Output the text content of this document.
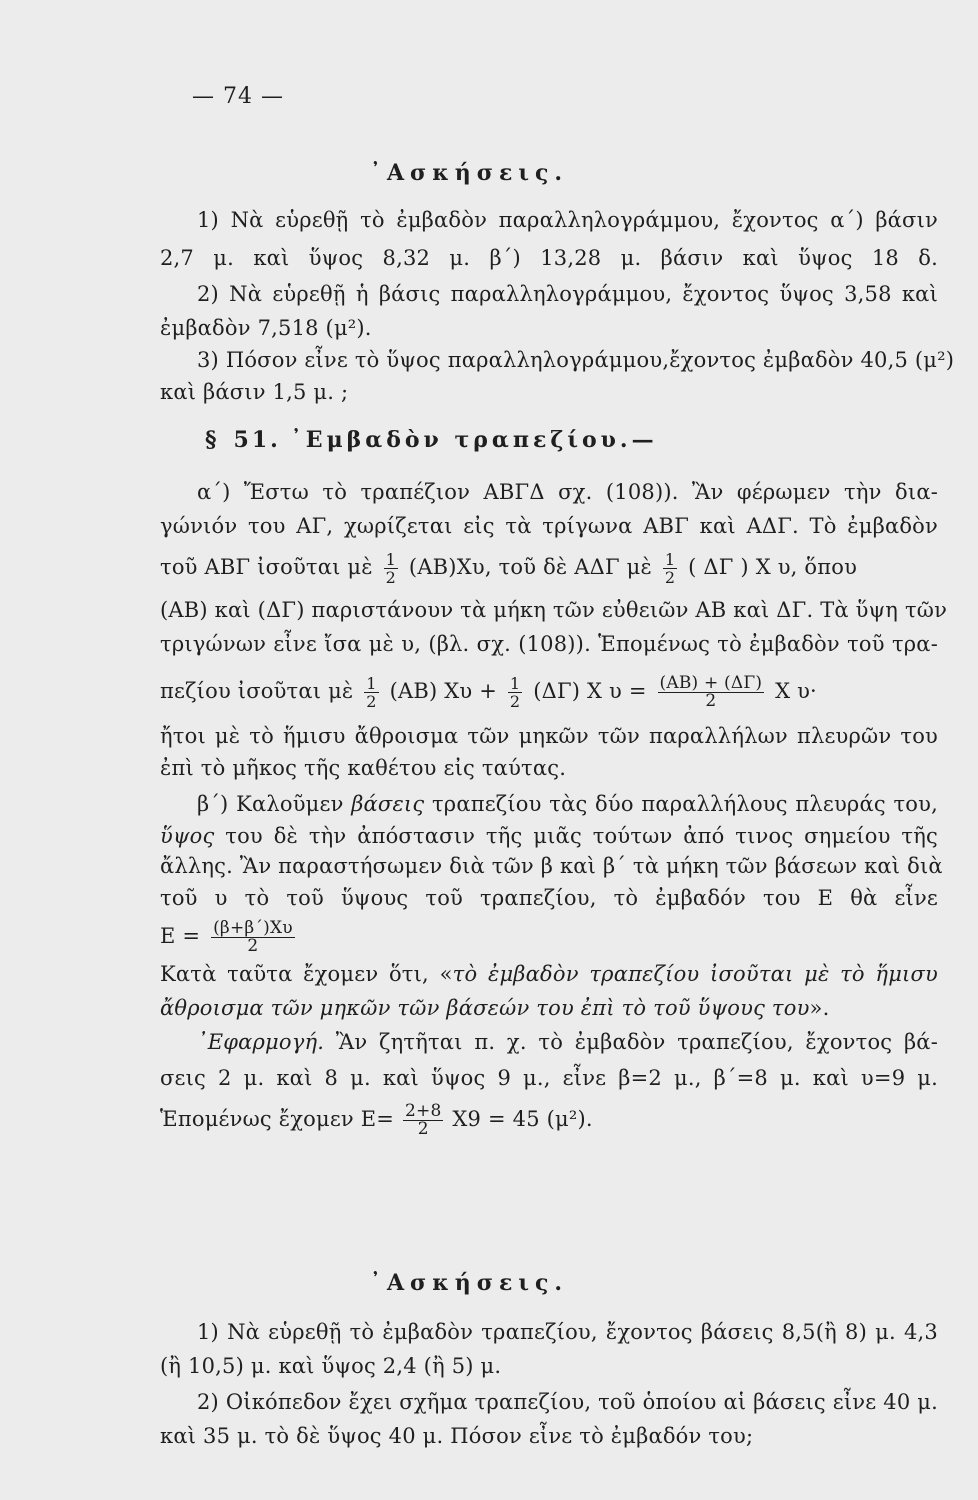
— 74 —
᾿Ασκήσεις.
1) Νὰ εὑρεθῇ τὸ ἐμβαδὸν παραλληλογράμμου, ἔχοντος α΄) βάσιν
2,7 μ. καὶ ὕψος 8,32 μ. β΄) 13,28 μ. βάσιν καὶ ὕψος 18 δ.
2) Νὰ εὑρεθῇ ἡ βάσις παραλληλογράμμου, ἔχοντος ὕψος 3,58 καὶ
ἐμβαδὸν 7,518 (μ²).
3) Πόσον εἶνε τὸ ὕψος παραλληλογράμμου,ἔχοντος ἐμβαδὸν 40,5 (μ²)
καὶ βάσιν 1,5 μ. ;
§ 51. ᾿Εμβαδὸν τραπεζίου.—
α΄) Ἔστω τὸ τραπέζιον ΑΒΓΔ σχ. (108)). Ἂν φέρωμεν τὴν δια-
γώνιόν του ΑΓ, χωρίζεται εἰς τὰ τρίγωνα ΑΒΓ καὶ ΑΔΓ. Τὸ ἐμβαδὸν
τοῦ ΑΒΓ ἰσοῦται μὲ $\frac{1}{2} (AB)X\upsilon$, τοῦ δὲ ΑΔΓ μὲ $\frac{1}{2}$ ( ΔΓ ) Χ υ, ὅπου
(ΑΒ) καὶ (ΔΓ) παριστάνουν τὰ μήκη τῶν εὐθειῶν ΑΒ καὶ ΔΓ. Τὰ ὕψη τῶν
τριγώνων εἶνε ἴσα μὲ υ, (βλ. σχ. (108)). Ἑπομένως τὸ ἐμβαδὸν τοῦ τρα-
πεζίου ἰσοῦται μὲ $\frac{1}{2} (AB) X\upsilon + \frac{1}{2} (\Delta\Gamma)$ Χ $\upsilon = \frac{(AB) + (\Delta\Gamma)}{2}$ Χ υ·
ἤτοι μὲ τὸ ἥμισυ ἄθροισμα τῶν μηκῶν τῶν παραλλήλων πλευρῶν του
ἐπὶ τὸ μῆκος τῆς καθέτου εἰς ταύτας.
β΄) Καλοῦμεν βάσεις τραπεζίου τὰς δύο παραλλήλους πλευράς του,
ὕψος του δὲ τὴν ἀπόστασιν τῆς μιᾶς τούτων ἀπό τινος σημείου τῆς
ἄλλης. Ἂν παραστήσωμεν διὰ τῶν β καὶ β΄ τὰ μήκη τῶν βάσεων καὶ διὰ
τοῦ υ τὸ τοῦ ὕψους τοῦ τραπεζίου, τὸ ἐμβαδόν του Ε θὰ εἶνε
$E = \frac{(\beta+\beta΄)X\upsilon}{2}$
Κατὰ ταῦτα ἔχομεν ὅτι, «τὸ ἐμβαδὸν τραπεζίου ἰσοῦται μὲ τὸ ἥμισυ
ἄθροισμα τῶν μηκῶν τῶν βάσεών του ἐπὶ τὸ τοῦ ὕψους του».
᾿Εφαρμογή. Ἂν ζητῆται π. χ. τὸ ἐμβαδὸν τραπεζίου, ἔχοντος βά-
σεις 2 μ. καὶ 8 μ. καὶ ὕψος 9 μ., εἶνε β=2 μ., β΄=8 μ. καὶ υ=9 μ.
Ἑπομένως ἔχομεν $E= \frac{2+8}{2} X9 = 45$ (μ²).
᾿Ασκήσεις.
1) Νὰ εὑρεθῇ τὸ ἐμβαδὸν τραπεζίου, ἔχοντος βάσεις 8,5(ἢ 8) μ. 4,3
(ἢ 10,5) μ. καὶ ὕψος 2,4 (ἢ 5) μ.
2) Οἰκόπεδον ἔχει σχῆμα τραπεζίου, τοῦ ὁποίου αἱ βάσεις εἶνε 40 μ.
καὶ 35 μ. τὸ δὲ ὕψος 40 μ. Πόσον εἶνε τὸ ἐμβαδόν του;
